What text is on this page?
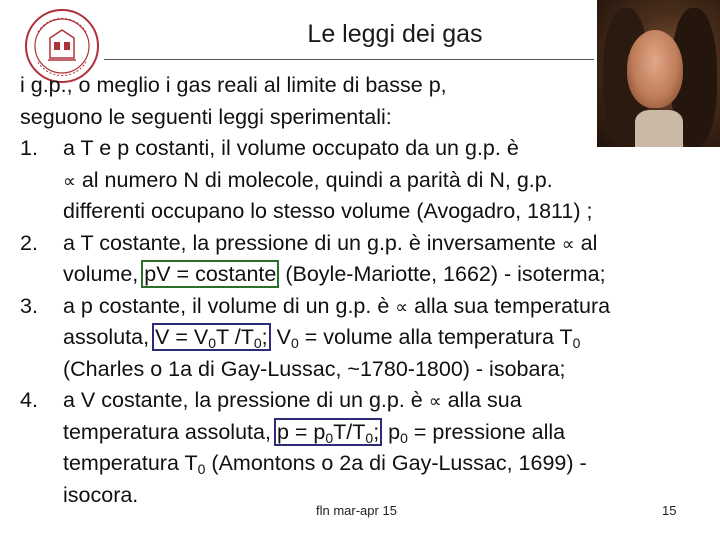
Le leggi dei gas
i g.p., o meglio i gas reali al limite di basse p,
seguono le seguenti leggi sperimentali:
1. a T e p costanti, il volume occupato da un g.p. è
∝ al numero N di molecole, quindi a parità di N, g.p.
differenti occupano lo stesso volume (Avogadro, 1811) ;
2. a T costante, la pressione di un g.p. è inversamente ∝ al
volume, pV = costante (Boyle-Mariotte, 1662) - isoterma;
3. a p costante, il volume di un g.p. è ∝ alla sua temperatura
assoluta, $V = V_0T$ $/T_0$; $V_0$ = volume alla temperatura $T_0$
(Charles o 1a di Gay-Lussac, ~1780-1800) - isobara;
4. a V costante, la pressione di un g.p. è ∝ alla sua
temperatura assoluta, $p = p_0T/T_0$; $p_0$ = pressione alla
temperatura $T_0$ (Amontons o 2a di Gay-Lussac, 1699) -
isocora.
fln mar-apr 15	15
